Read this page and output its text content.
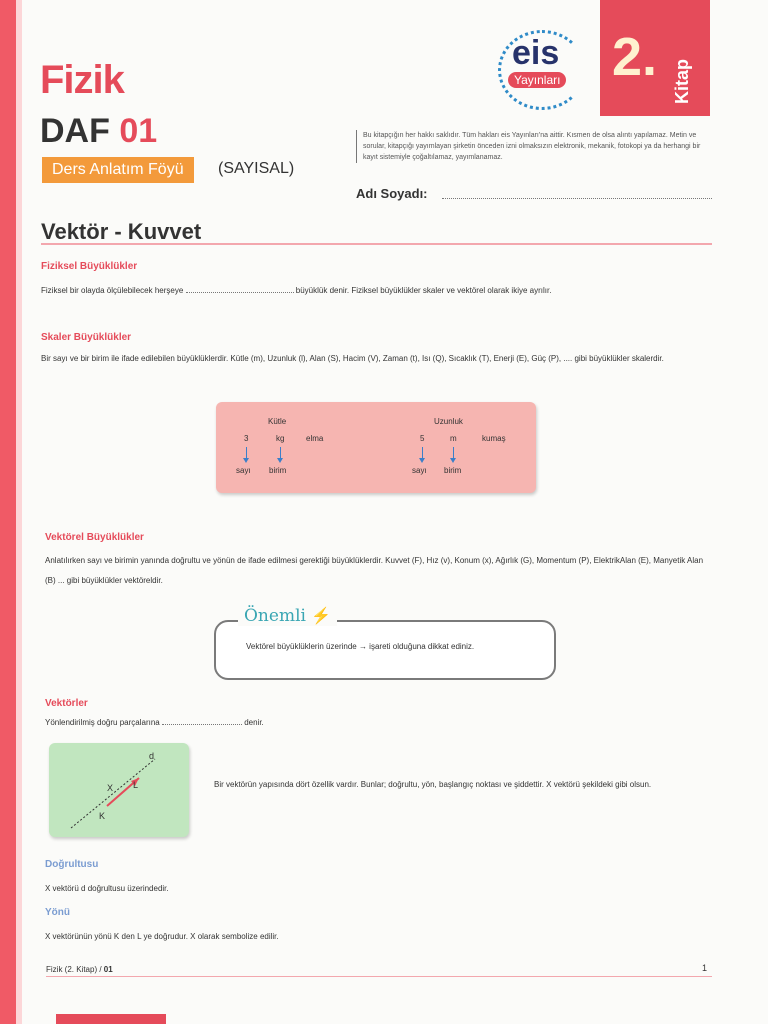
Fizik
DAF 01
Ders Anlatım Föyü	(SAYISAL)
eis
Yayınları 2. Kitap
Bu kitapçığın her hakkı saklıdır. Tüm hakları eis Yayınları'na aittir. Kısmen de olsa alıntı yapılamaz. Metin ve sorular, kitapçığı yayımlayan şirketin önceden izni olmaksızın elektronik, mekanik, fotokopi ya da herhangi bir kayıt sistemiyle çoğaltılamaz, yayımlanamaz.
Adı Soyadı:
Vektör - Kuvvet
Fiziksel Büyüklükler
Fiziksel bir olayda ölçülebilecek herşeye	büyüklük denir. Fiziksel büyüklükler skaler ve vektörel olarak ikiye ayrılır.
Skaler Büyüklükler
Bir sayı ve bir birim ile ifade edilebilen büyüklüklerdir. Kütle (m), Uzunluk (l), Alan (S), Hacim (V), Zaman (t), Isı (Q), Sıcaklık (T), Enerji (E), Güç (P), .... gibi büyüklükler skalerdir.
Kütle
3	kg	elma
sayı birim
Uzunluk
5	m	kumaş
sayı birim
Vektörel Büyüklükler
Anlatılırken sayı ve birimin yanında doğrultu ve yönün de ifade edilmesi gerektiği büyüklüklerdir. Kuvvet (F), Hız (v), Konum (x), Ağırlık (G), Momentum (P), ElektrikAlan (E), Manyetik Alan (B) ... gibi büyüklükler vektöreldir.
Önemli ⚡
Vektörel büyüklüklerin üzerinde → işareti olduğuna dikkat ediniz.
Vektörler
Yönlendirilmiş doğru parçalarına	denir.
d
X L
K
Bir vektörün yapısında dört özellik vardır. Bunlar; doğrultu, yön, başlangıç noktası ve şiddettir. X vektörü şekildeki gibi olsun.
Doğrultusu
X vektörü d doğrultusu üzerindedir.
Yönü
X vektörünün yönü K den L ye doğrudur. X olarak sembolize edilir.
Fizik (2. Kitap) / 01	1
